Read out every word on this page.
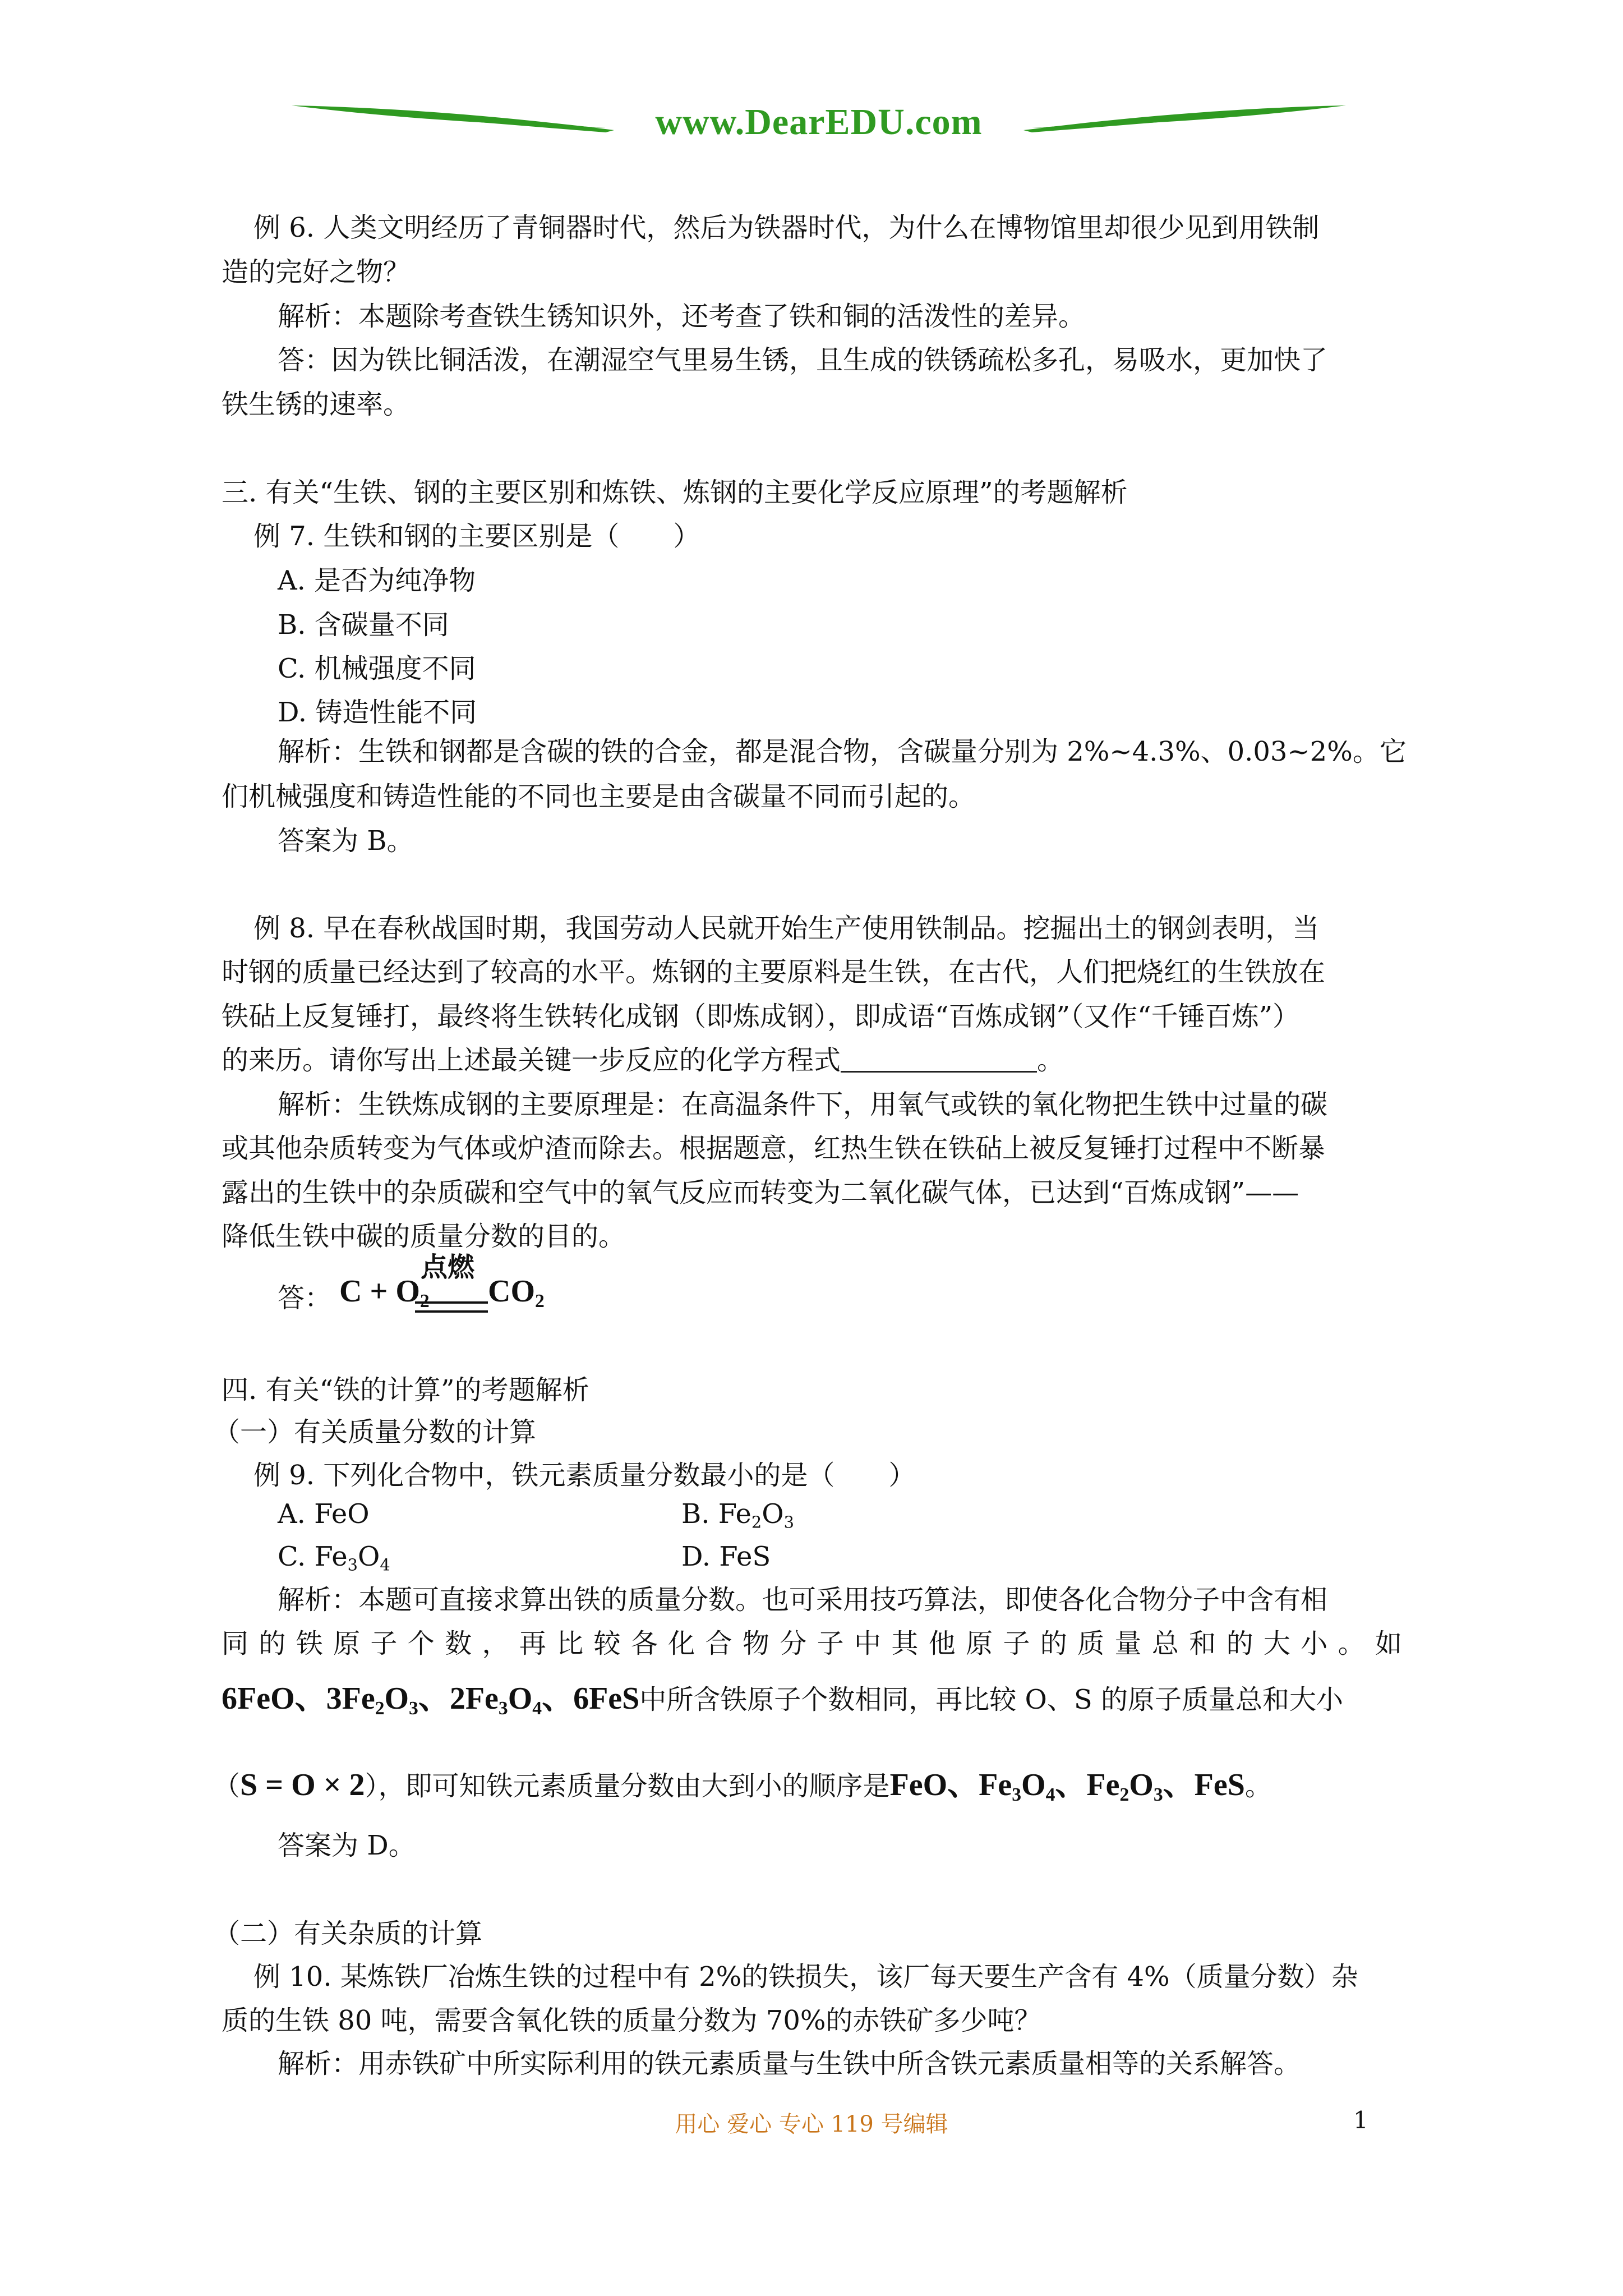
www.DearEDU.com
例 6. 人类文明经历了青铜器时代，然后为铁器时代，为什么在博物馆里却很少见到用铁制
造的完好之物？
解析：本题除考查铁生锈知识外，还考查了铁和铜的活泼性的差异。
答：因为铁比铜活泼，在潮湿空气里易生锈，且生成的铁锈疏松多孔，易吸水，更加快了
铁生锈的速率。
三. 有关“生铁、钢的主要区别和炼铁、炼钢的主要化学反应原理”的考题解析
例 7. 生铁和钢的主要区别是（　　）
A. 是否为纯净物
B. 含碳量不同
C. 机械强度不同
D. 铸造性能不同
解析：生铁和钢都是含碳的铁的合金，都是混合物，含碳量分别为 2%~4.3%、0.03~2%。它
们机械强度和铸造性能的不同也主要是由含碳量不同而引起的。
答案为 B。
例 8. 早在春秋战国时期，我国劳动人民就开始生产使用铁制品。挖掘出土的钢剑表明，当
时钢的质量已经达到了较高的水平。炼钢的主要原料是生铁，在古代，人们把烧红的生铁放在
铁砧上反复锤打，最终将生铁转化成钢（即炼成钢），即成语“百炼成钢”（又作“千锤百炼”）
的来历。请你写出上述最关键一步反应的化学方程式	。
解析：生铁炼成钢的主要原理是：在高温条件下，用氧气或铁的氧化物把生铁中过量的碳
或其他杂质转变为气体或炉渣而除去。根据题意，红热生铁在铁砧上被反复锤打过程中不断暴
露出的生铁中的杂质碳和空气中的氧气反应而转变为二氧化碳气体，已达到“百炼成钢”——
降低生铁中碳的质量分数的目的。
答： $C + O_2$
点燃
$CO_2$
四. 有关“铁的计算”的考题解析
（一）有关质量分数的计算
例 9. 下列化合物中，铁元素质量分数最小的是（　　）
A. FeO	B. $Fe_2O_3$
C. $Fe_3O_4$	D. FeS
解析：本题可直接求算出铁的质量分数。也可采用技巧算法，即使各化合物分子中含有相
同 的 铁 原 子 个 数 ， 再 比 较 各 化 合 物 分 子 中 其 他 原 子 的 质 量 总 和 的 大 小 。 如
6FeO、$3Fe_2O_3$、$2Fe_3O_4$、6FeS中所含铁原子个数相同，再比较 O、S 的原子质量总和大小
（S = O × 2），即可知铁元素质量分数由大到小的顺序是FeO、$Fe_3O_4$、$Fe_2O_3$、FeS。
答案为 D。
（二）有关杂质的计算
例 10. 某炼铁厂冶炼生铁的过程中有 2%的铁损失，该厂每天要生产含有 4%（质量分数）杂
质的生铁 80 吨，需要含氧化铁的质量分数为 70%的赤铁矿多少吨？
解析：用赤铁矿中所实际利用的铁元素质量与生铁中所含铁元素质量相等的关系解答。
用心 爱心 专心 119 号编辑	1
